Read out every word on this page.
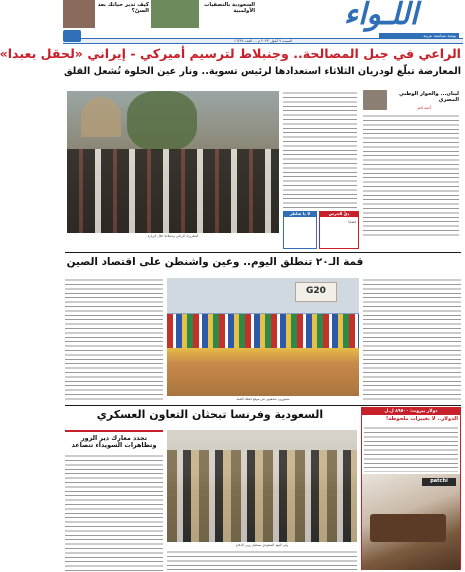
كيف تدير حياتك بعد السنّ؟
السعودية بالتصفيات الأولمبية	اللـواء
يومية سياسية عربية
السبت ٩ أيلول ٢٠٢٣ م ... العدد ١٦٢٣٨
الراعي في جبل المصالحة.. وجنبلاط لترسيم أميركي - إيراني «لحقل بعبدا»
المعارضة تبلّغ لودريان الثلاثاء استعدادها لرئيس تسوية.. ونار عين الحلوة تُشعل القلق
لبنان... والحوار الوطني المصري
أحمد الغز
البطريرك الراعي وجنبلاط خلال الزيارة
دقّ الجرس
قضايا
لا يا شاطر
قمة الـ٢٠ تنطلق اليوم.. وعين واشنطن على اقتصاد الصين
G20
مصورون صحفيون في موقع انعقاد القمة
السعودية وفرنسا تبحثان التعاون العسكري	دولار بيروت: ٨٩٥٠٠ ل.ل
الدولار.. لا تغييرات ملحوظة!
patchi
ولي العهد السعودي يستقبل وزير الدفاع
تجدد معارك دير الزور وتظاهرات السويداء تتصاعد
